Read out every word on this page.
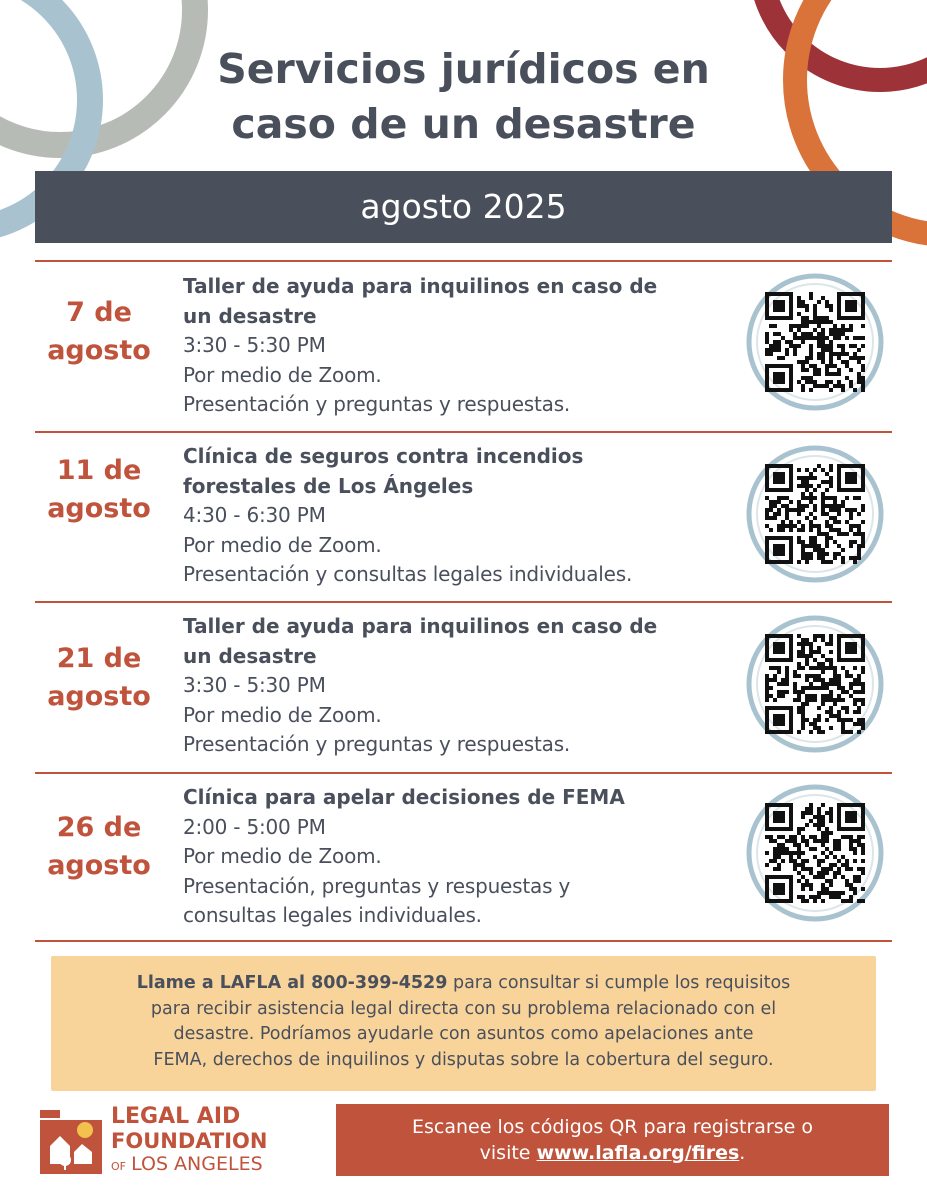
Servicios jurídicos en
caso de un desastre
agosto 2025
7 de
agosto
Taller de ayuda para inquilinos en caso de
un desastre
3:30 - 5:30 PM
Por medio de Zoom.
Presentación y preguntas y respuestas.
11 de
agosto
Clínica de seguros contra incendios
forestales de Los Ángeles
4:30 - 6:30 PM
Por medio de Zoom.
Presentación y consultas legales individuales.
21 de
agosto
Taller de ayuda para inquilinos en caso de
un desastre
3:30 - 5:30 PM
Por medio de Zoom.
Presentación y preguntas y respuestas.
26 de
agosto
Clínica para apelar decisiones de FEMA
2:00 - 5:00 PM
Por medio de Zoom.
Presentación, preguntas y respuestas y
consultas legales individuales.
Llame a LAFLA al 800-399-4529 para consultar si cumple los requisitos
para recibir asistencia legal directa con su problema relacionado con el
desastre. Podríamos ayudarle con asuntos como apelaciones ante
FEMA, derechos de inquilinos y disputas sobre la cobertura del seguro.
LEGAL AID
FOUNDATION
OF LOS ANGELES
Escanee los códigos QR para registrarse o
visite www.lafla.org/fires.
